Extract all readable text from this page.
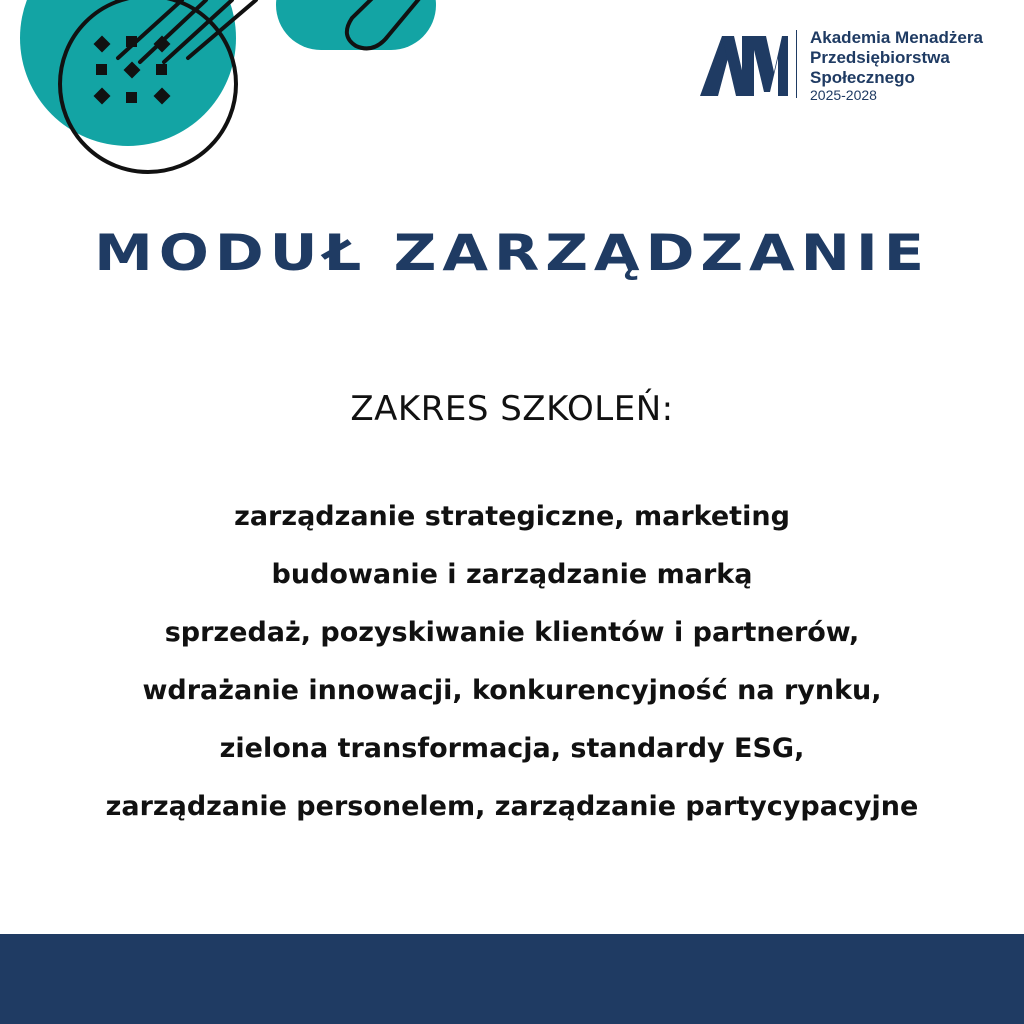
Akademia Menadżera
Przedsiębiorstwa
Społecznego
2025-2028
MODUŁ ZARZĄDZANIE
ZAKRES SZKOLEŃ:
zarządzanie strategiczne, marketing
budowanie i zarządzanie marką
sprzedaż, pozyskiwanie klientów i partnerów,
wdrażanie innowacji, konkurencyjność na rynku,
zielona transformacja, standardy ESG,
zarządzanie personelem, zarządzanie partycypacyjne
